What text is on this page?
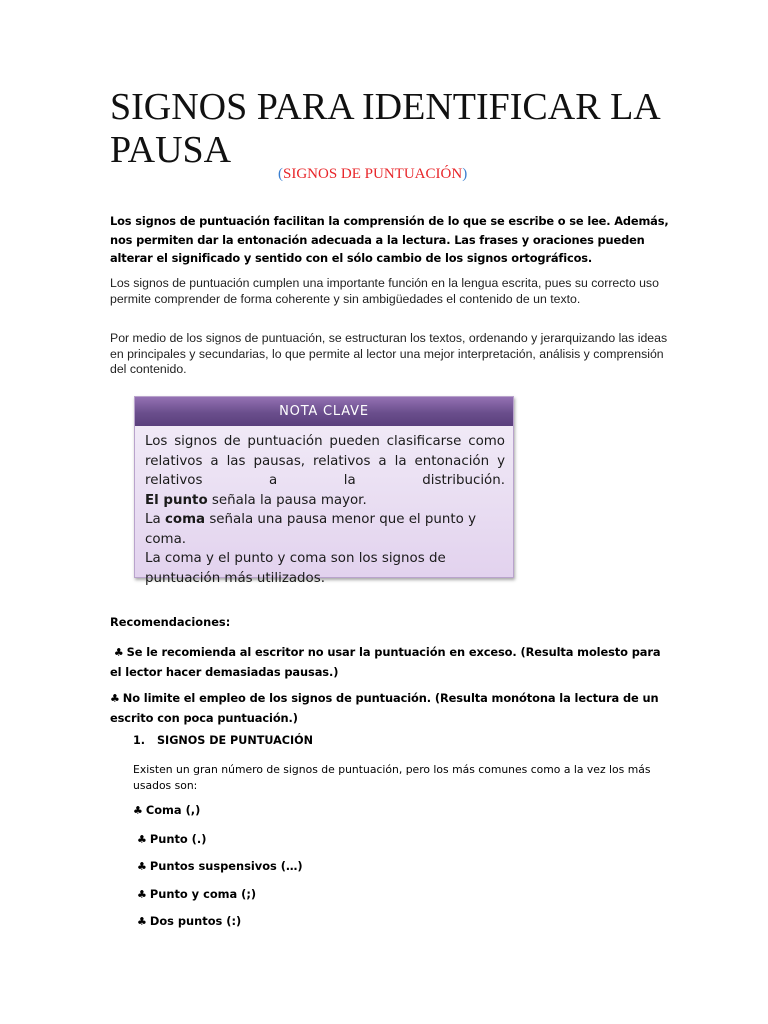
SIGNOS PARA IDENTIFICAR LA PAUSA
(SIGNOS DE PUNTUACIÓN)

Los signos de puntuación facilitan la comprensión de lo que se escribe o se lee. Además, nos permiten dar la entonación adecuada a la lectura. Las frases y oraciones pueden alterar el significado y sentido con el sólo cambio de los signos ortográficos.

Los signos de puntuación cumplen una importante función en la lengua escrita, pues su correcto uso permite comprender de forma coherente y sin ambigüedades el contenido de un texto.

Por medio de los signos de puntuación, se estructuran los textos, ordenando y jerarquizando las ideas en principales y secundarias, lo que permite al lector una mejor interpretación, análisis y comprensión del contenido.

NOTA CLAVE

Los signos de puntuación pueden clasificarse como relativos a las pausas, relativos a la entonación y relativos a la distribución.

El punto señala la pausa mayor.

La coma señala una pausa menor que el punto y coma.

La coma y el punto y coma son los signos de puntuación más utilizados.

Recomendaciones:

♣ Se le recomienda al escritor no usar la puntuación en exceso. (Resulta molesto para el lector hacer demasiadas pausas.)

♣ No limite el empleo de los signos de puntuación. (Resulta monótona la lectura de un escrito con poca puntuación.)

1. SIGNOS DE PUNTUACIÓN

Existen un gran número de signos de puntuación, pero los más comunes como a la vez los más usados son:

♣ Coma (,)
♣ Punto (.)
♣ Puntos suspensivos (…)
♣ Punto y coma (;)
♣ Dos puntos (:)
